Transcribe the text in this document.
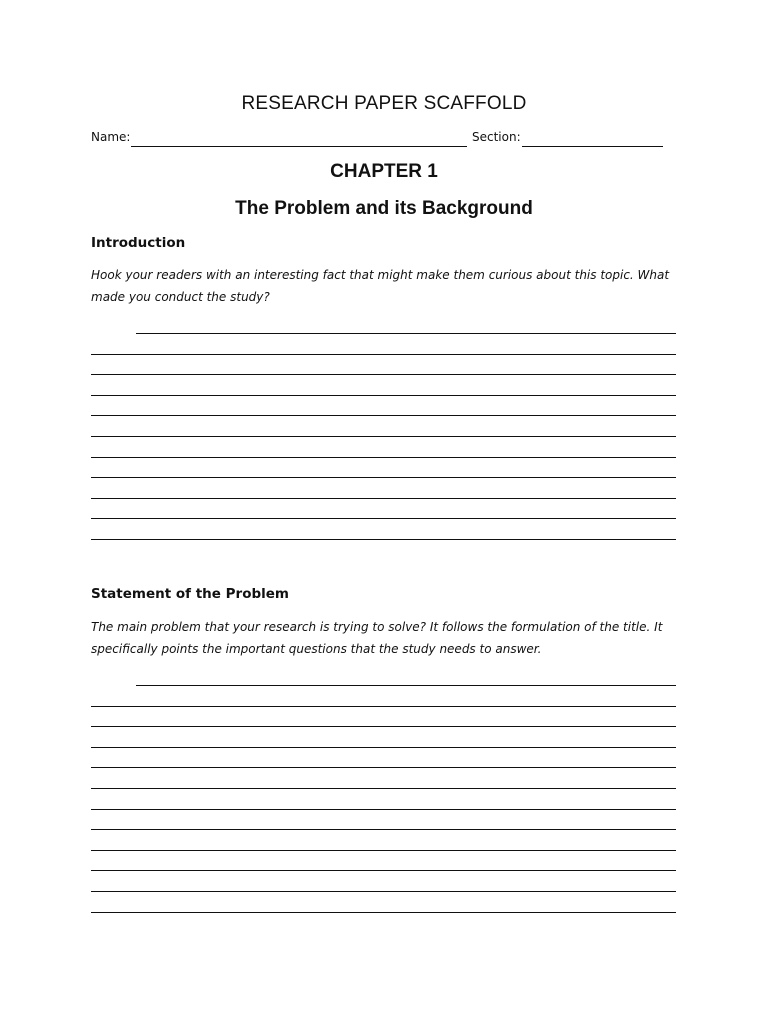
RESEARCH PAPER SCAFFOLD
Name:	Section:
CHAPTER 1
The Problem and its Background
Introduction

Hook your readers with an interesting fact that might make them curious about this topic. What made you conduct the study?

Statement of the Problem

The main problem that your research is trying to solve? It follows the formulation of the title. It specifically points the important questions that the study needs to answer.
